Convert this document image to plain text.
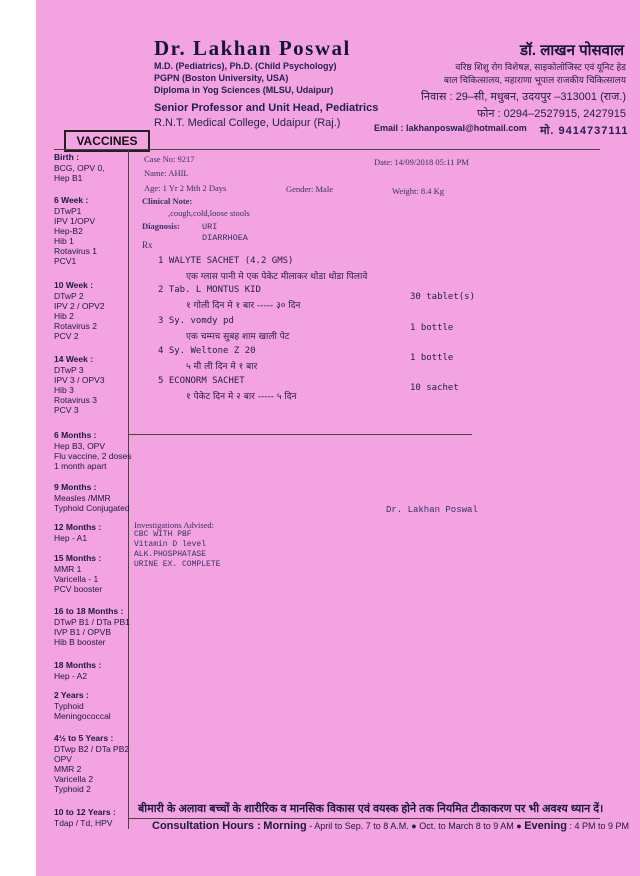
Dr. Lakhan Poswal
M.D. (Pediatrics), Ph.D. (Child Psychology)
PGPN (Boston University, USA)
Diploma in Yog Sciences (MLSU, Udaipur)
Senior Professor and Unit Head, Pediatrics
R.N.T. Medical College, Udaipur (Raj.)
डॉ. लाखन पोसवाल
वरिष्ठ शिशु रोग विशेषज्ञ, साइकोलोजिस्ट एवं यूनिट हेड
बाल चिकित्सालय, महाराणा भूपाल राजकीय चिकित्सालय
निवास : 29–सी, मधुबन, उदयपुर –313001 (राज.)
फोन : 0294–2527915, 2427915
Email : lakhanposwal@hotmail.com मो. 9414737111
VACCINES
Birth :
BCG, OPV 0,
Hep B1
6 Week :
DTwP1
IPV 1/OPV
Hep-B2
Hib 1
Rotavirus 1
PCV1
10 Week :
DTwP 2
IPV 2 / OPV2
Hib 2
Rotavirus 2
PCV 2
14 Week :
DTwP 3
IPV 3 / OPV3
Hib 3
Rotavirus 3
PCV 3
6 Months :
Hep B3, OPV
Flu vaccine, 2 doses
1 month apart
9 Months :
Measles /MMR
Typhoid Conjugated
12 Months :
Hep - A1
15 Months :
MMR 1
Varicella - 1
PCV booster
16 to 18 Months :
DTwP B1 / DTa PB1
IVP B1 / OPVB
Hib B booster
18 Months :
Hep - A2
2 Years :
Typhoid
Meningococcal
4½ to 5 Years :
DTwp B2 / DTa PB2
OPV
MMR 2
Varicella 2
Typhoid 2
10 to 12 Years :
Tdap / Td, HPV
Case No: 9217	Date: 14/09/2018 05:11 PM
Name: AHIL
Age: 1 Yr 2 Mth 2 Days	Gender: Male	Weight: 8.4 Kg
Clinical Note:
,cough,cold,loose stools
Diagnosis:	URI
DIARRHOEA
Rx
1 WALYTE SACHET (4.2 GMS)
एक ग्लास पानी मे एक पेकेट मीलाकर थोडा थोडा पिलावे
2 Tab. L MONTUS KID
30 tablet(s)
१ गोली दिन मे १ बार ----- ३० दिन
3 Sy. vomdy pd
1 bottle
एक चम्मच सुबह शाम खाली पेट
4 Sy. Weltone Z 20
1 bottle
५ मी ली दिन मे १ बार
5 ECONORM SACHET
10 sachet
१ पेकेट दिन मे २ बार ----- ५ दिन
Dr. Lakhan Poswal
Investigations Advised:
CBC WITH PBF
Vitamin D level
ALK.PHOSPHATASE
URINE EX. COMPLETE
बीमारी के अलावा बच्चों के शारीरिक व मानसिक विकास एवं वयस्क होने तक नियमित टीकाकरण पर भी अवश्य ध्यान दें।
Consultation Hours : Morning - April to Sep. 7 to 8 A.M. ● Oct. to March 8 to 9 AM ● Evening : 4 PM to 9 PM
